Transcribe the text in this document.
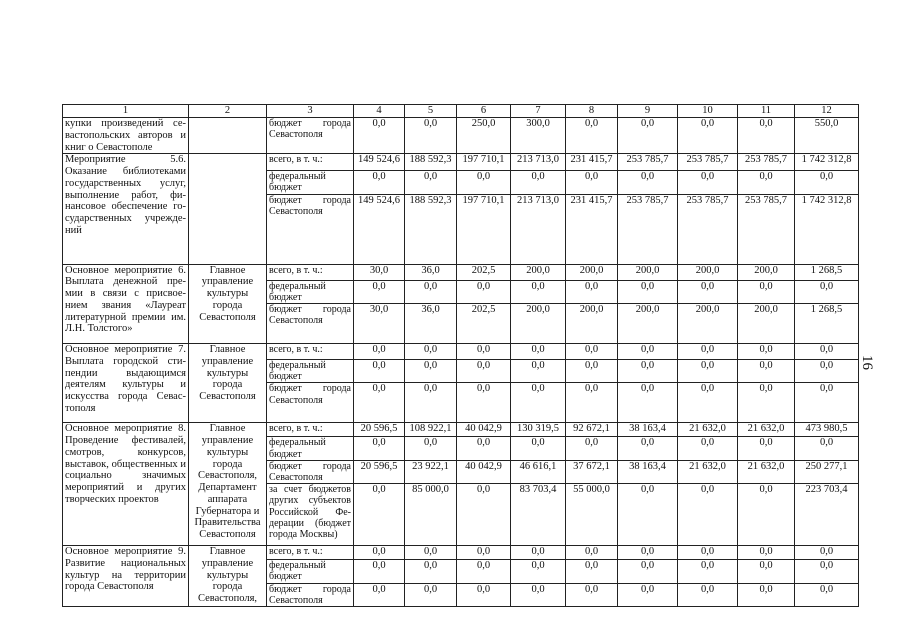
1	2	3	4	5	6	7	8	9	10	11	12
купки произведений се-вастопольских авторов и книг о Севастополе		бюджет города Севастополя	0,0	0,0	250,0	300,0	0,0	0,0	0,0	0,0	550,0
Мероприятие 5.6. Оказание библиотеками государственных услуг, выполнение работ, фи-нансовое обеспечение го-сударственных учрежде-ний		всего, в т. ч.:	149 524,6	188 592,3	197 710,1	213 713,0	231 415,7	253 785,7	253 785,7	253 785,7	1 742 312,8
		федеральный бюджет	0,0	0,0	0,0	0,0	0,0	0,0	0,0	0,0	0,0
		бюджет города Севастополя	149 524,6	188 592,3	197 710,1	213 713,0	231 415,7	253 785,7	253 785,7	253 785,7	1 742 312,8
Основное мероприятие 6. Выплата денежной пре-мии в связи с присвое-нием звания «Лауреат литературной премии им. Л.Н. Толстого»	Главное управление культуры города Севастополя	всего, в т. ч.:	30,0	36,0	202,5	200,0	200,0	200,0	200,0	200,0	1 268,5
		федеральный бюджет	0,0	0,0	0,0	0,0	0,0	0,0	0,0	0,0	0,0
		бюджет города Севастополя	30,0	36,0	202,5	200,0	200,0	200,0	200,0	200,0	1 268,5
Основное мероприятие 7. Выплата городской сти-пендии выдающимся деятелям культуры и искусства города Севас-тополя	Главное управление культуры города Севастополя	всего, в т. ч.:	0,0	0,0	0,0	0,0	0,0	0,0	0,0	0,0	0,0
		федеральный бюджет	0,0	0,0	0,0	0,0	0,0	0,0	0,0	0,0	0,0
		бюджет города Севастополя	0,0	0,0	0,0	0,0	0,0	0,0	0,0	0,0	0,0
Основное мероприятие 8. Проведение фестивалей, смотров, конкурсов, выставок, общественных и социально значимых мероприятий и других творческих проектов	Главное управление культуры города Севастополя, Департамент аппарата Губернатора и Правительства Севастополя	всего, в т. ч.:	20 596,5	108 922,1	40 042,9	130 319,5	92 672,1	38 163,4	21 632,0	21 632,0	473 980,5
		федеральный бюджет	0,0	0,0	0,0	0,0	0,0	0,0	0,0	0,0	0,0
		бюджет города Севастополя	20 596,5	23 922,1	40 042,9	46 616,1	37 672,1	38 163,4	21 632,0	21 632,0	250 277,1
		за счет бюджетов других субъектов Российской Фе-дерации (бюджет города Москвы)	0,0	85 000,0	0,0	83 703,4	55 000,0	0,0	0,0	0,0	223 703,4
Основное мероприятие 9. Развитие национальных культур на территории города Севастополя	Главное управление культуры города Севастополя,	всего, в т. ч.:	0,0	0,0	0,0	0,0	0,0	0,0	0,0	0,0	0,0
		федеральный бюджет	0,0	0,0	0,0	0,0	0,0	0,0	0,0	0,0	0,0
		бюджет города Севастополя	0,0	0,0	0,0	0,0	0,0	0,0	0,0	0,0	0,0
16
